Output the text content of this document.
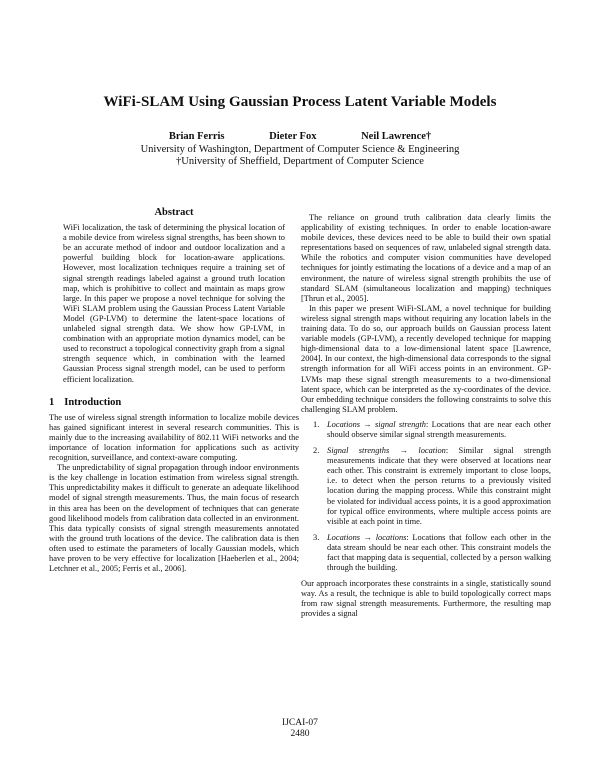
WiFi-SLAM Using Gaussian Process Latent Variable Models
Brian Ferris	Dieter Fox	Neil Lawrence†
University of Washington, Department of Computer Science & Engineering
†University of Sheffield, Department of Computer Science
Abstract

WiFi localization, the task of determining the physical location of a mobile device from wireless signal strengths, has been shown to be an accurate method of indoor and outdoor localization and a powerful building block for location-aware applications. However, most localization techniques require a training set of signal strength readings labeled against a ground truth location map, which is prohibitive to collect and maintain as maps grow large. In this paper we propose a novel technique for solving the WiFi SLAM problem using the Gaussian Process Latent Variable Model (GP-LVM) to determine the latent-space locations of unlabeled signal strength data. We show how GP-LVM, in combination with an appropriate motion dynamics model, can be used to reconstruct a topological connectivity graph from a signal strength sequence which, in combination with the learned Gaussian Process signal strength model, can be used to perform efficient localization.

1 Introduction

The use of wireless signal strength information to localize mobile devices has gained significant interest in several research communities. This is mainly due to the increasing availability of 802.11 WiFi networks and the importance of location information for applications such as activity recognition, surveillance, and context-aware computing.

The unpredictability of signal propagation through indoor environments is the key challenge in location estimation from wireless signal strength. This unpredictability makes it difficult to generate an adequate likelihood model of signal strength measurements. Thus, the main focus of research in this area has been on the development of techniques that can generate good likelihood models from calibration data collected in an environment. This data typically consists of signal strength measurements annotated with the ground truth locations of the device. The calibration data is then often used to estimate the parameters of locally Gaussian models, which have proven to be very effective for localization [Haeberlen et al., 2004; Letchner et al., 2005; Ferris et al., 2006].

The reliance on ground truth calibration data clearly limits the applicability of existing techniques. In order to enable location-aware mobile devices, these devices need to be able to build their own spatial representations based on sequences of raw, unlabeled signal strength data. While the robotics and computer vision communities have developed techniques for jointly estimating the locations of a device and a map of an environment, the nature of wireless signal strength prohibits the use of standard SLAM (simultaneous localization and mapping) techniques [Thrun et al., 2005].

In this paper we present WiFi-SLAM, a novel technique for building wireless signal strength maps without requiring any location labels in the training data. To do so, our approach builds on Gaussian process latent variable models (GP-LVM), a recently developed technique for mapping high-dimensional data to a low-dimensional latent space [Lawrence, 2004]. In our context, the high-dimensional data corresponds to the signal strength information for all WiFi access points in an environment. GP-LVMs map these signal strength measurements to a two-dimensional latent space, which can be interpreted as the xy-coordinates of the device. Our embedding technique considers the following constraints to solve this challenging SLAM problem.

1. Locations → signal strength: Locations that are near each other should observe similar signal strength measurements.
2. Signal strengths → location: Similar signal strength measurements indicate that they were observed at locations near each other. This constraint is extremely important to close loops, i.e. to detect when the person returns to a previously visited location during the mapping process. While this constraint might be violated for individual access points, it is a good approximation for typical office environments, where multiple access points are visible at each point in time.
3. Locations → locations: Locations that follow each other in the data stream should be near each other. This constraint models the fact that mapping data is sequential, collected by a person walking through the building.

Our approach incorporates these constraints in a single, statistically sound way. As a result, the technique is able to build topologically correct maps from raw signal strength measurements. Furthermore, the resulting map provides a signal

IJCAI-07
2480
